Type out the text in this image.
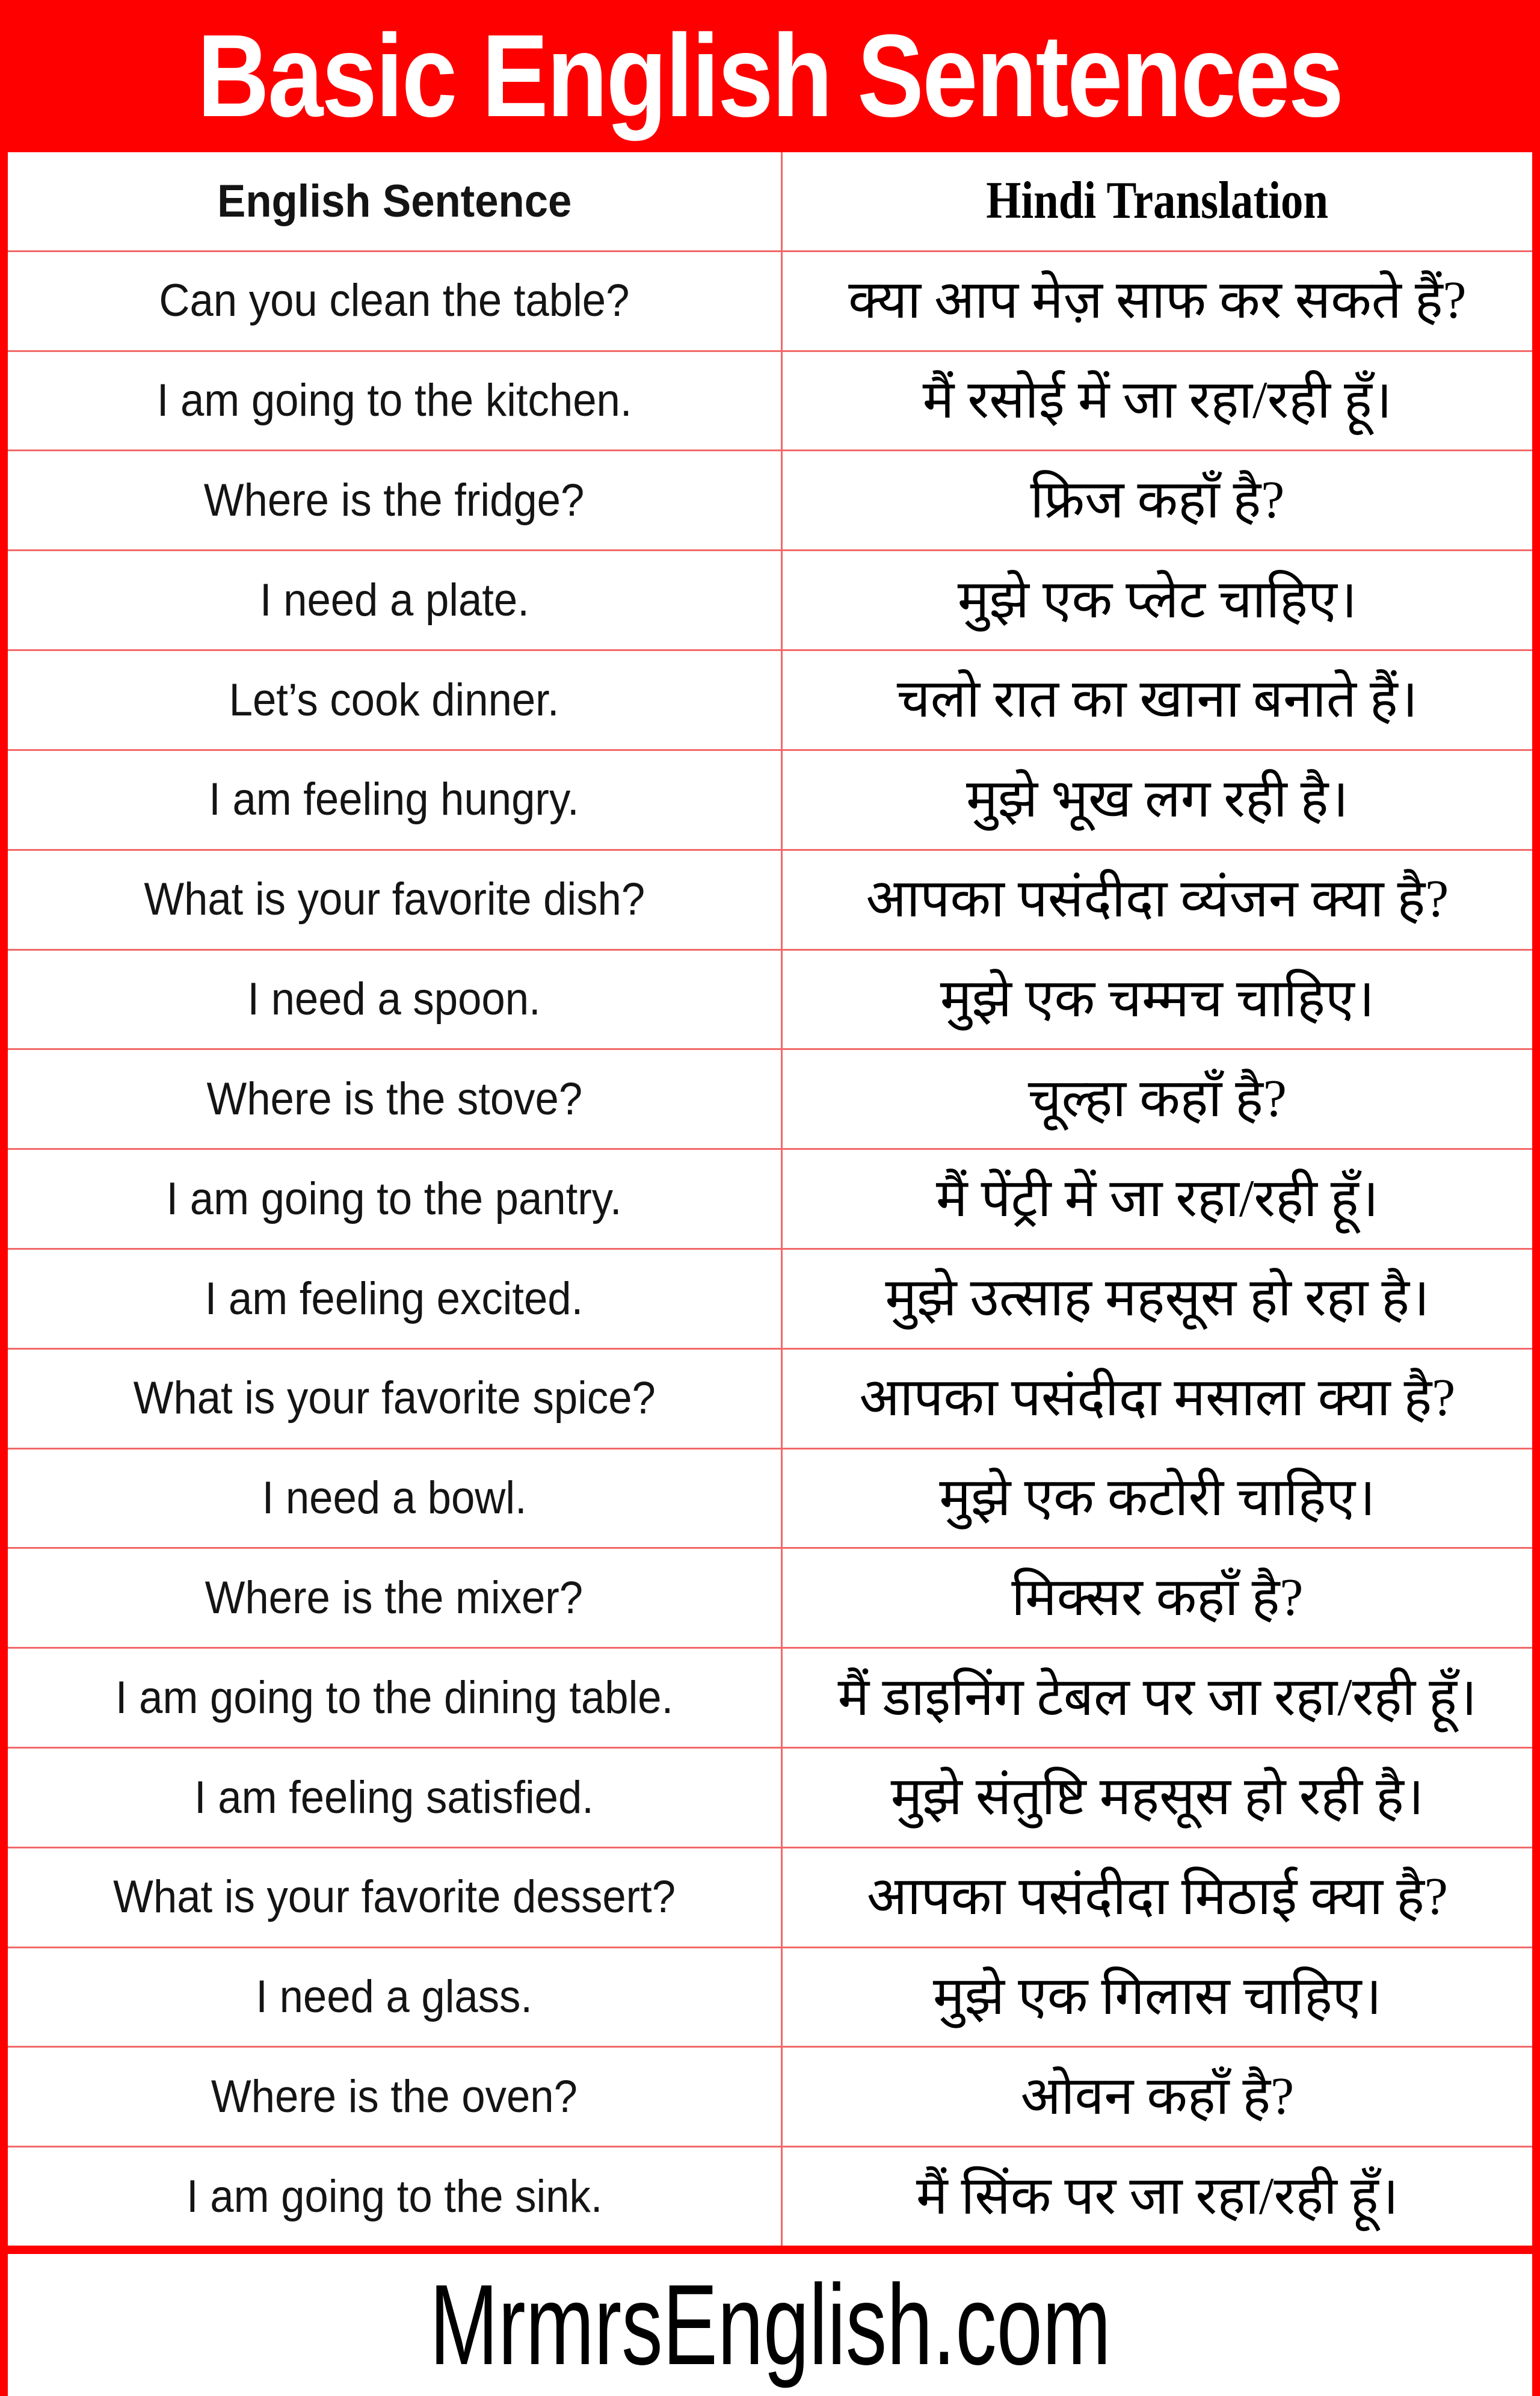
Basic English Sentences
English Sentence	Hindi Translation
Can you clean the table?	क्या आप मेज़ साफ कर सकते हैं?
I am going to the kitchen.	मैं रसोई में जा रहा/रही हूँ।
Where is the fridge?	फ्रिज कहाँ है?
I need a plate.	मुझे एक प्लेट चाहिए।
Let’s cook dinner.	चलो रात का खाना बनाते हैं।
I am feeling hungry.	मुझे भूख लग रही है।
What is your favorite dish?	आपका पसंदीदा व्यंजन क्या है?
I need a spoon.	मुझे एक चम्मच चाहिए।
Where is the stove?	चूल्हा कहाँ है?
I am going to the pantry.	मैं पेंट्री में जा रहा/रही हूँ।
I am feeling excited.	मुझे उत्साह महसूस हो रहा है।
What is your favorite spice?	आपका पसंदीदा मसाला क्या है?
I need a bowl.	मुझे एक कटोरी चाहिए।
Where is the mixer?	मिक्सर कहाँ है?
I am going to the dining table.	मैं डाइनिंग टेबल पर जा रहा/रही हूँ।
I am feeling satisfied.	मुझे संतुष्टि महसूस हो रही है।
What is your favorite dessert?	आपका पसंदीदा मिठाई क्या है?
I need a glass.	मुझे एक गिलास चाहिए।
Where is the oven?	ओवन कहाँ है?
I am going to the sink.	मैं सिंक पर जा रहा/रही हूँ।
MrmrsEnglish.com
